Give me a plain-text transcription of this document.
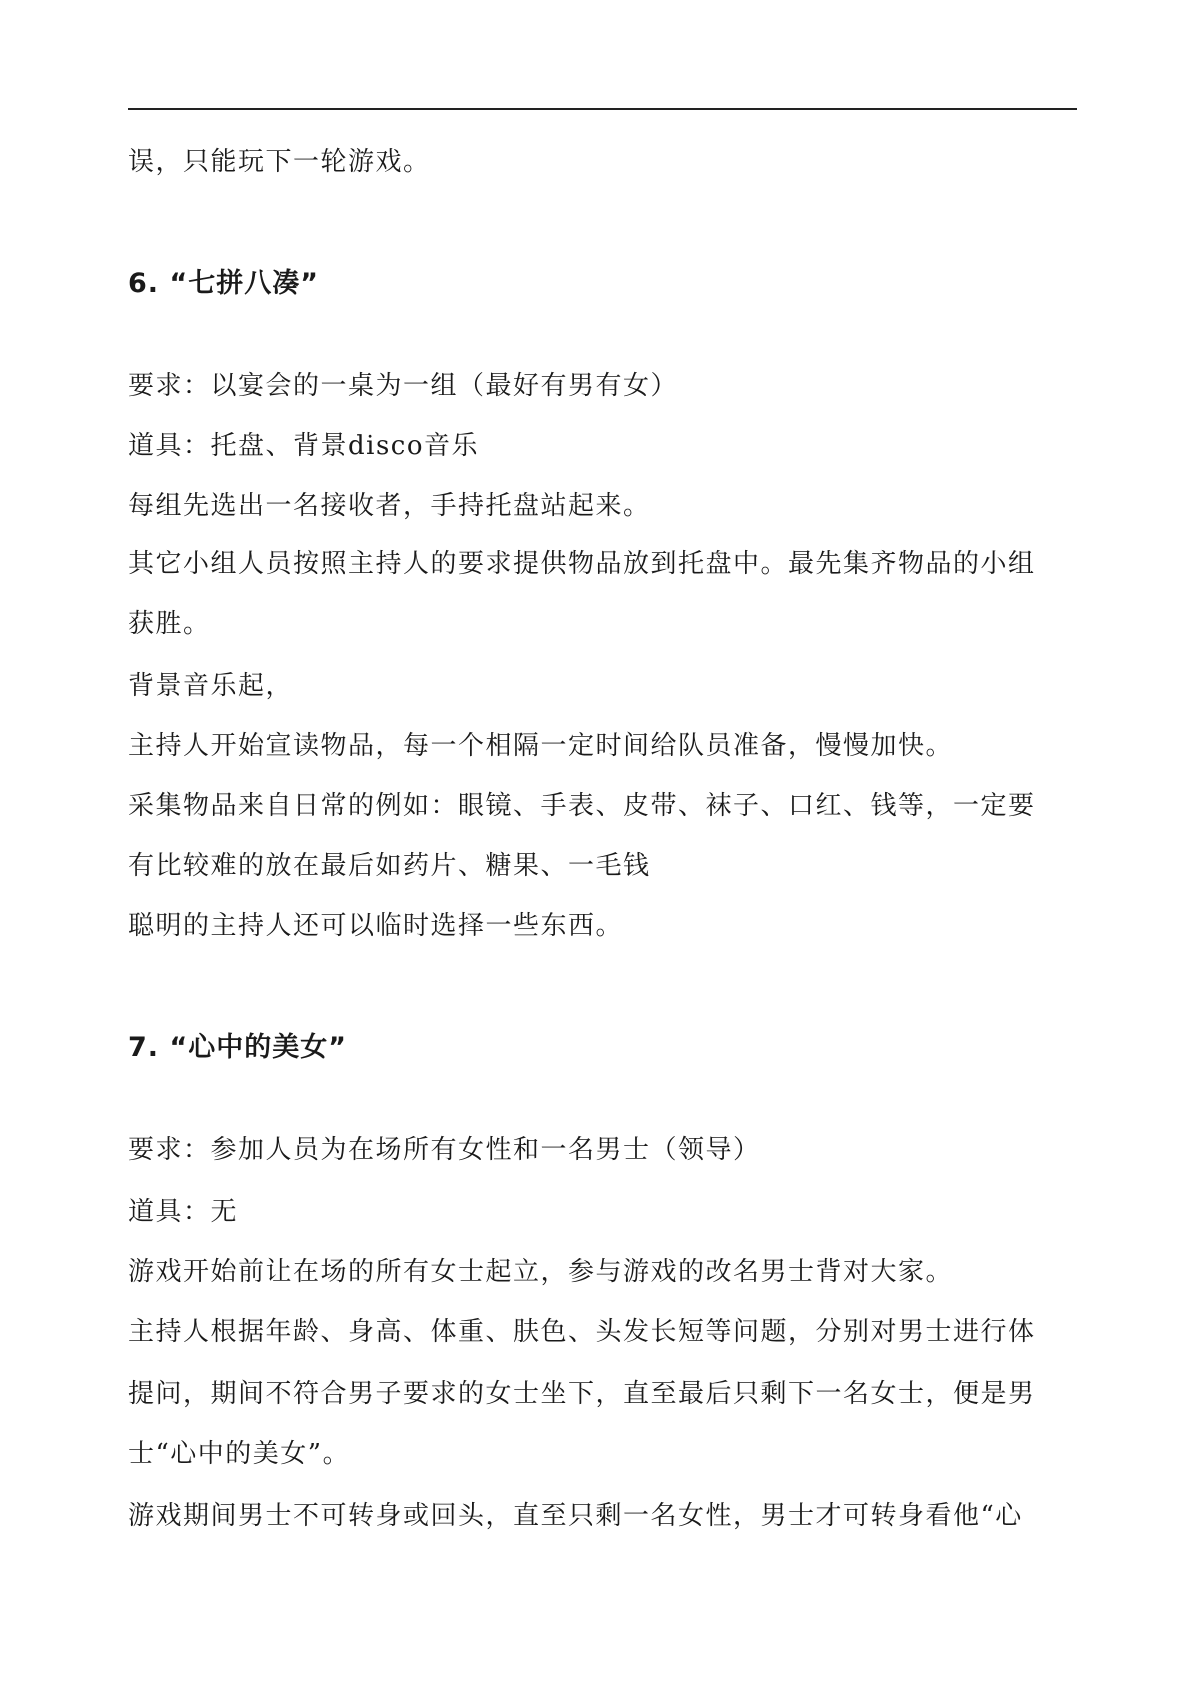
误，只能玩下一轮游戏。
6. “七拼八凑”
要求：以宴会的一桌为一组（最好有男有女）
道具：托盘、背景disco音乐
每组先选出一名接收者，手持托盘站起来。
其它小组人员按照主持人的要求提供物品放到托盘中。最先集齐物品的小组
获胜。
背景音乐起，
主持人开始宣读物品，每一个相隔一定时间给队员准备，慢慢加快。
采集物品来自日常的例如：眼镜、手表、皮带、袜子、口红、钱等，一定要
有比较难的放在最后如药片、糖果、一毛钱
聪明的主持人还可以临时选择一些东西。
7. “心中的美女”
要求：参加人员为在场所有女性和一名男士（领导）
道具：无
游戏开始前让在场的所有女士起立，参与游戏的改名男士背对大家。
主持人根据年龄、身高、体重、肤色、头发长短等问题，分别对男士进行体
提问，期间不符合男子要求的女士坐下，直至最后只剩下一名女士，便是男
士“心中的美女”。
游戏期间男士不可转身或回头，直至只剩一名女性，男士才可转身看他“心
